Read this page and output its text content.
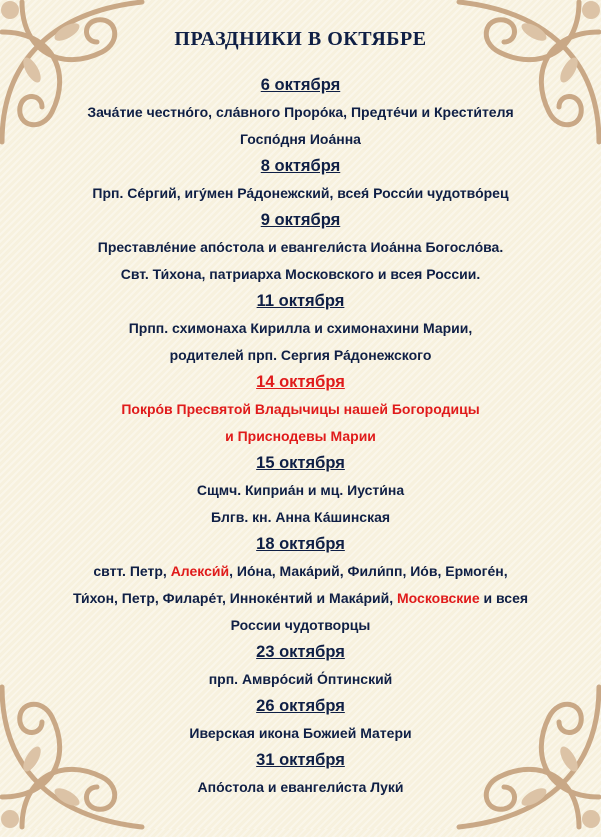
ПРАЗДНИКИ В ОКТЯБРЕ
6 октября
Зача́тие честно́го, сла́вного Проро́ка, Предте́чи и Крести́теля
Госпо́дня Иоа́нна
8 октября
Прп. Се́ргий, игу́мен Ра́донежский, всея́ Росси́и чудотво́рец
9 октября
Преставле́ние апо́стола и евангели́ста Иоа́нна Богосло́ва.
Свт. Ти́хона, патриарха Московского и всея России.
11 октября
Прпп. схимонаха Кирилла и схимонахини Марии,
родителей прп. Сергия Ра́донежского
14 октября
Покро́в Пресвятой Владычицы нашей Богородицы
и Приснодевы Марии
15 октября
Сщмч. Киприа́н и мц. Иусти́на
Блгв. кн. Анна Ка́шинская
18 октября
свтт. Петр, Алекси́й, Ио́на, Мака́рий, Фили́пп, Ио́в, Ермоге́н,
Ти́хон, Петр, Филаре́т, Иннoке́нтий и Мака́рий, Московские и всея
России чудотворцы
23 октября
прп. Амвро́сий О́птинский
26 октября
Иверская икона Божией Матери
31 октября
Апо́стола и евангели́ста Луки́
